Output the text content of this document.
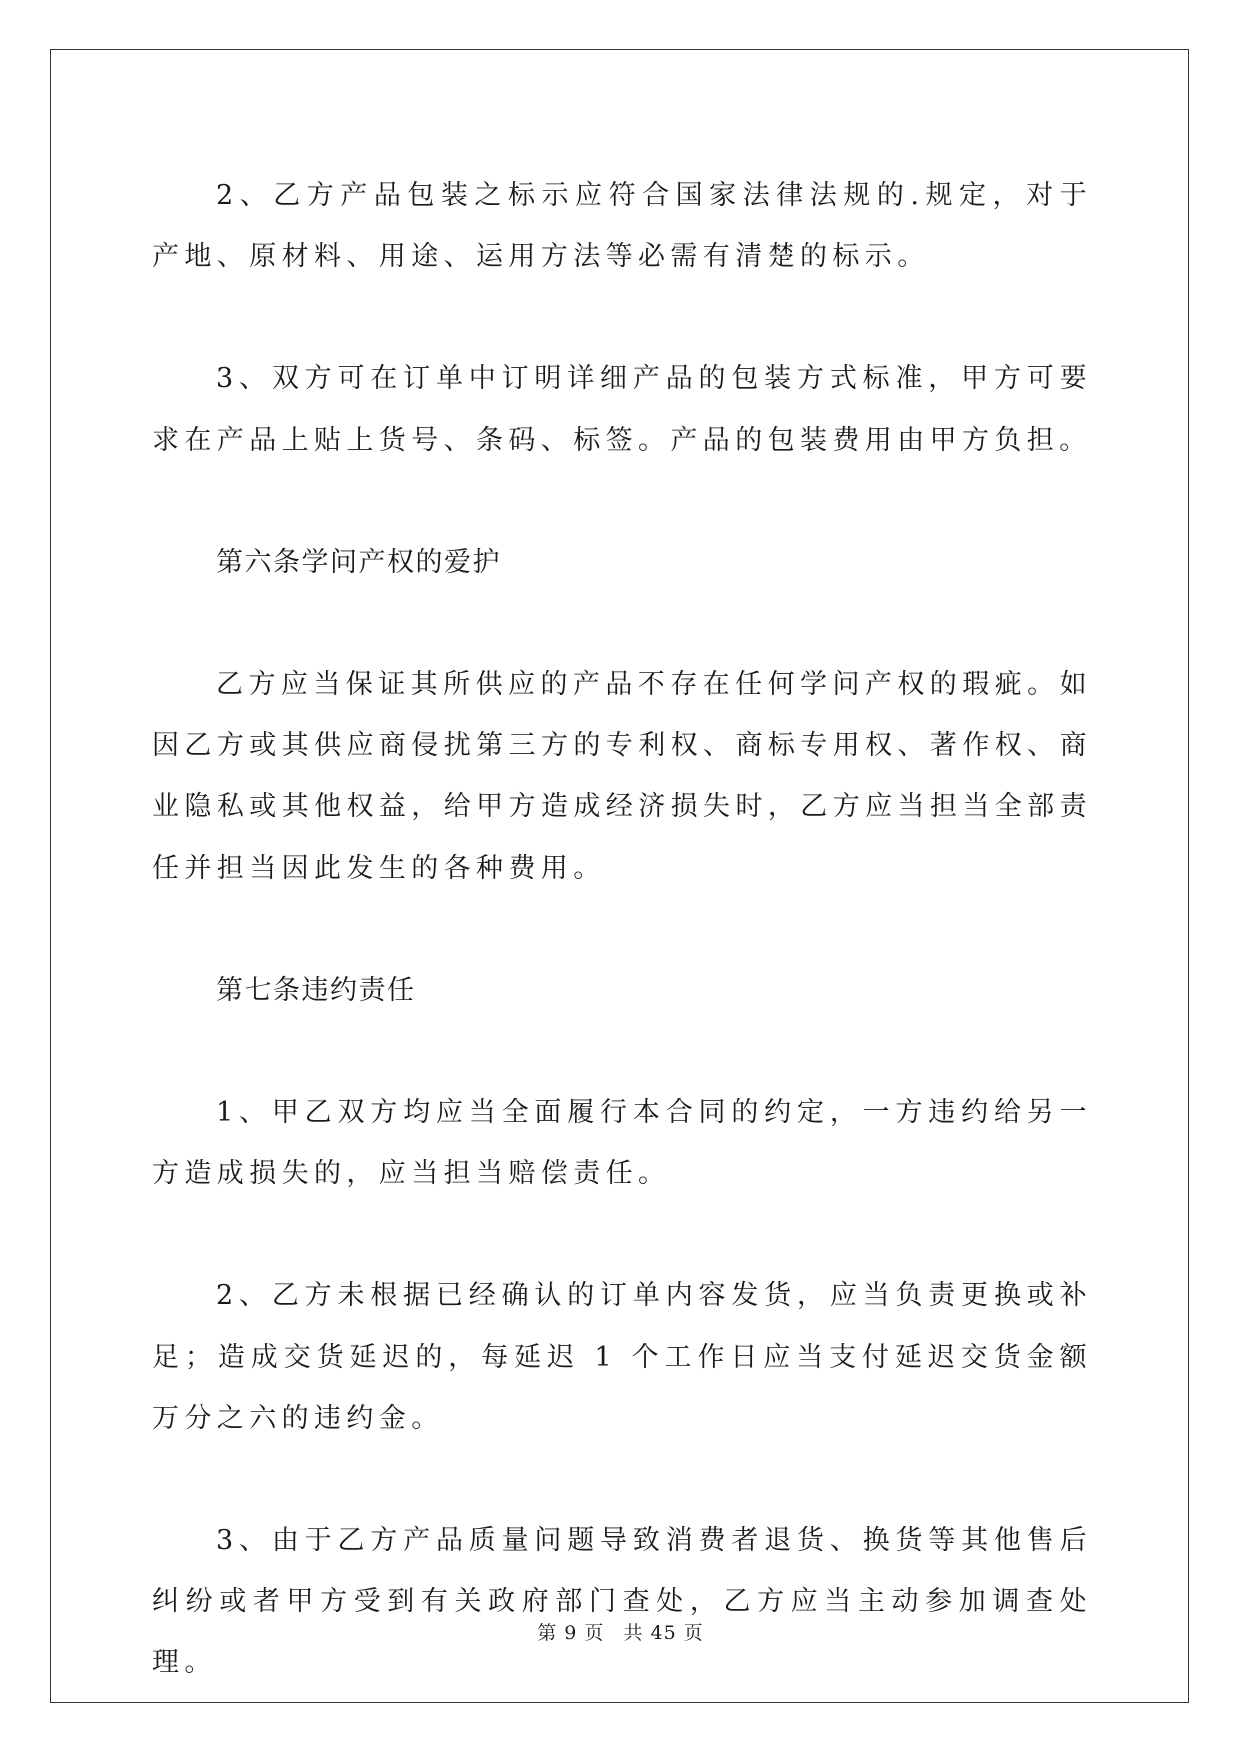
2、乙方产品包装之标示应符合国家法律法规的.规定，对于产地、原材料、用途、运用方法等必需有清楚的标示。

3、双方可在订单中订明详细产品的包装方式标准，甲方可要求在产品上贴上货号、条码、标签。产品的包装费用由甲方负担。

第六条学问产权的爱护

乙方应当保证其所供应的产品不存在任何学问产权的瑕疵。如因乙方或其供应商侵扰第三方的专利权、商标专用权、著作权、商业隐私或其他权益，给甲方造成经济损失时，乙方应当担当全部责任并担当因此发生的各种费用。

第七条违约责任

1、甲乙双方均应当全面履行本合同的约定，一方违约给另一方造成损失的，应当担当赔偿责任。

2、乙方未根据已经确认的订单内容发货，应当负责更换或补足；造成交货延迟的，每延迟 1 个工作日应当支付延迟交货金额万分之六的违约金。

3、由于乙方产品质量问题导致消费者退货、换货等其他售后纠纷或者甲方受到有关政府部门查处，乙方应当主动参加调查处理。

第 9 页 共 45 页
